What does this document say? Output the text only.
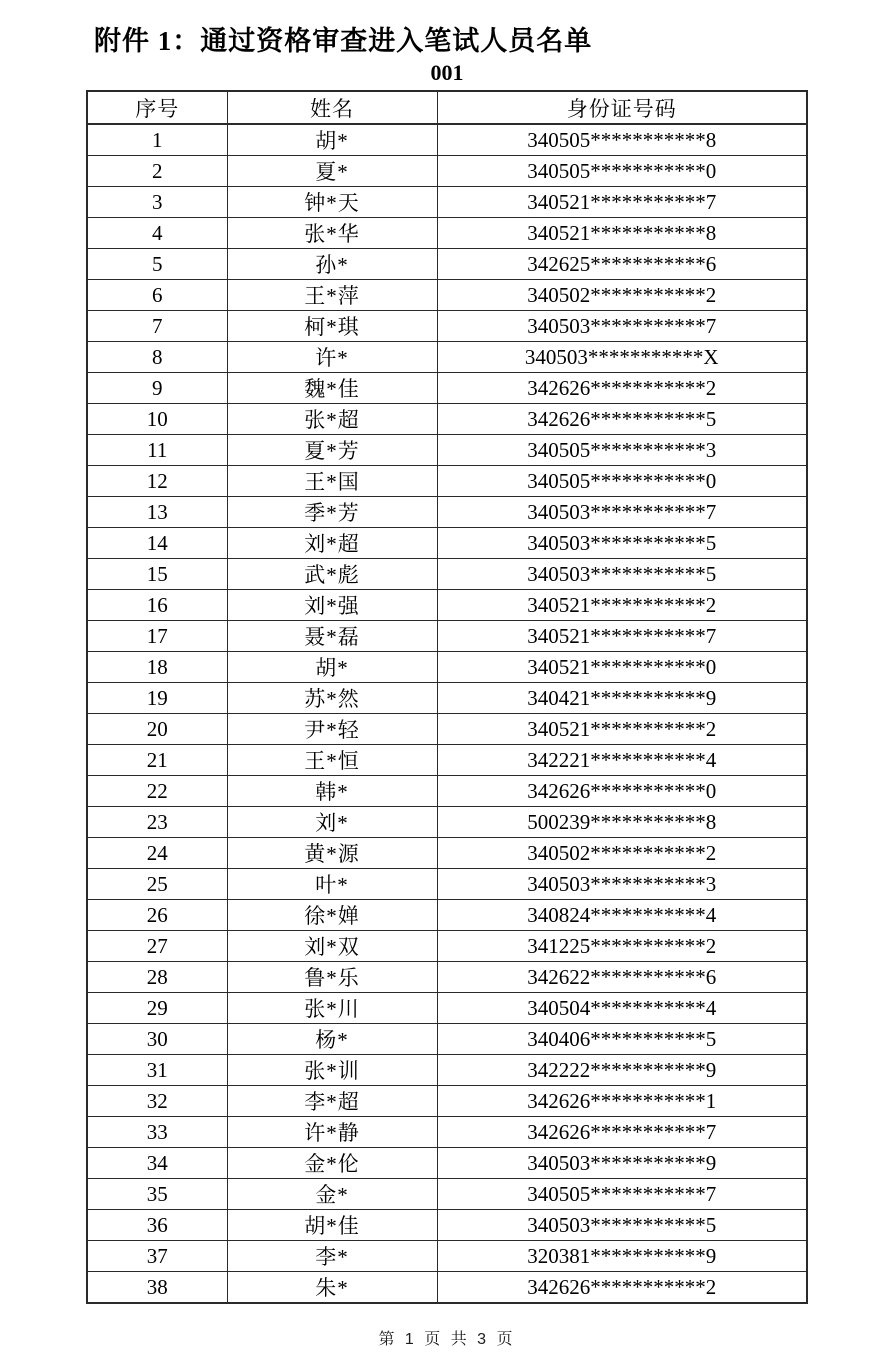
附件 1：通过资格审查进入笔试人员名单
001
序号	姓名	身份证号码
1	胡*	340505***********8
2	夏*	340505***********0
3	钟*天	340521***********7
4	张*华	340521***********8
5	孙*	342625***********6
6	王*萍	340502***********2
7	柯*琪	340503***********7
8	许*	340503***********X
9	魏*佳	342626***********2
10	张*超	342626***********5
11	夏*芳	340505***********3
12	王*国	340505***********0
13	季*芳	340503***********7
14	刘*超	340503***********5
15	武*彪	340503***********5
16	刘*强	340521***********2
17	聂*磊	340521***********7
18	胡*	340521***********0
19	苏*然	340421***********9
20	尹*轻	340521***********2
21	王*恒	342221***********4
22	韩*	342626***********0
23	刘*	500239***********8
24	黄*源	340502***********2
25	叶*	340503***********3
26	徐*婵	340824***********4
27	刘*双	341225***********2
28	鲁*乐	342622***********6
29	张*川	340504***********4
30	杨*	340406***********5
31	张*训	342222***********9
32	李*超	342626***********1
33	许*静	342626***********7
34	金*伦	340503***********9
35	金*	340505***********7
36	胡*佳	340503***********5
37	李*	320381***********9
38	朱*	342626***********2
第 1 页 共 3 页
